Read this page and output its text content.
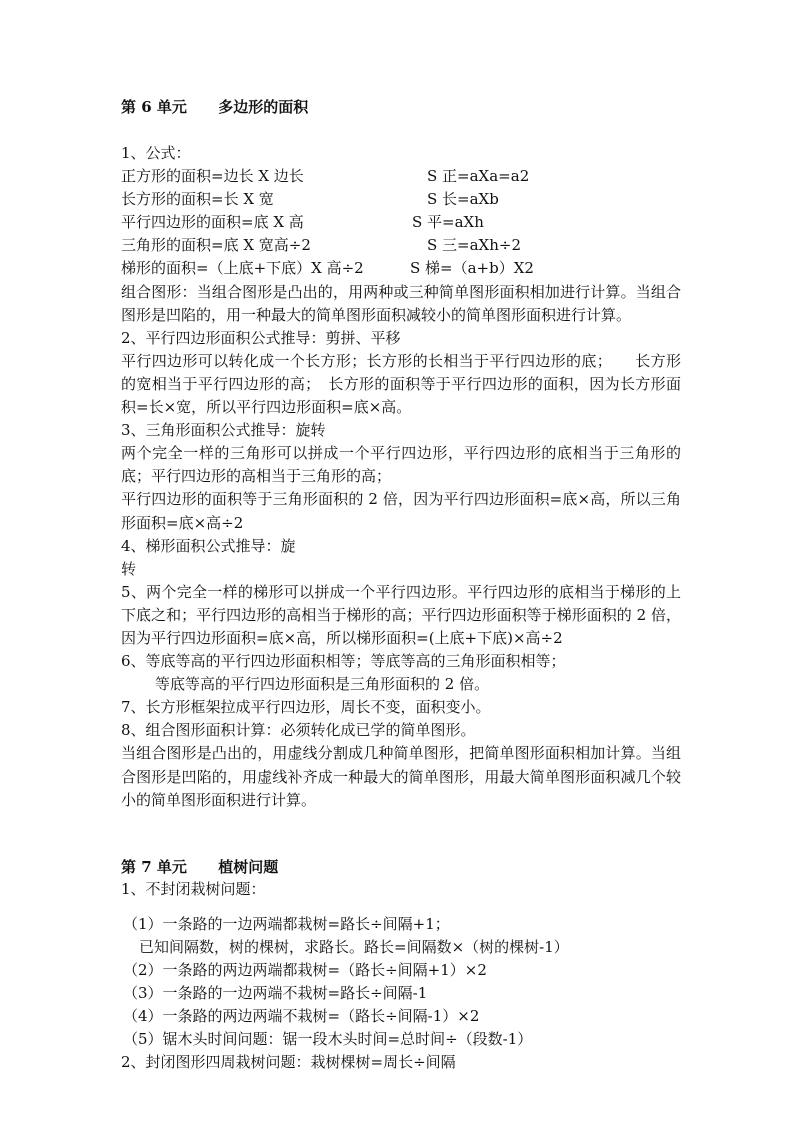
第 6 单元      多边形的面积
1、公式：
正方形的面积=边长 X 边长	S 正=aXa=a2
长方形的面积=长 X 宽	S 长=aXb
平行四边形的面积=底 X 高	S 平=aXh
三角形的面积=底 X 宽高÷2	S 三=aXh÷2
梯形的面积=（上底+下底）X 高÷2	S 梯=（a+b）X2
组合图形：当组合图形是凸出的，用两种或三种简单图形面积相加进行计算。当组合图形是凹陷的，用一种最大的简单图形面积减较小的简单图形面积进行计算。
2、平行四边形面积公式推导：剪拼、平移
平行四边形可以转化成一个长方形；长方形的长相当于平行四边形的底；　　长方形的宽相当于平行四边形的高；　长方形的面积等于平行四边形的面积，因为长方形面积=长×宽，所以平行四边形面积=底×高。
3、三角形面积公式推导：旋转
两个完全一样的三角形可以拼成一个平行四边形，平行四边形的底相当于三角形的底；平行四边形的高相当于三角形的高；
平行四边形的面积等于三角形面积的 2 倍，因为平行四边形面积=底×高，所以三角形面积=底×高÷2
4、梯形面积公式推导：旋
转
5、两个完全一样的梯形可以拼成一个平行四边形。平行四边形的底相当于梯形的上下底之和；平行四边形的高相当于梯形的高；平行四边形面积等于梯形面积的 2 倍，因为平行四边形面积=底×高，所以梯形面积=(上底+下底)×高÷2
6、等底等高的平行四边形面积相等；等底等高的三角形面积相等；
等底等高的平行四边形面积是三角形面积的 2 倍。
7、长方形框架拉成平行四边形，周长不变，面积变小。
8、组合图形面积计算：必须转化成已学的简单图形。
当组合图形是凸出的，用虚线分割成几种简单图形，把简单图形面积相加计算。当组合图形是凹陷的，用虚线补齐成一种最大的简单图形，用最大简单图形面积减几个较小的简单图形面积进行计算。
第 7 单元      植树问题
1、不封闭栽树问题：
（1）一条路的一边两端都栽树=路长÷间隔+1；
已知间隔数，树的棵树，求路长。路长=间隔数×（树的棵树-1）
（2）一条路的两边两端都栽树=（路长÷间隔+1）×2
（3）一条路的一边两端不栽树=路长÷间隔-1
（4）一条路的两边两端不栽树=（路长÷间隔-1）×2
（5）锯木头时间问题：锯一段木头时间=总时间÷（段数-1）
2、封闭图形四周栽树问题：栽树棵树=周长÷间隔
